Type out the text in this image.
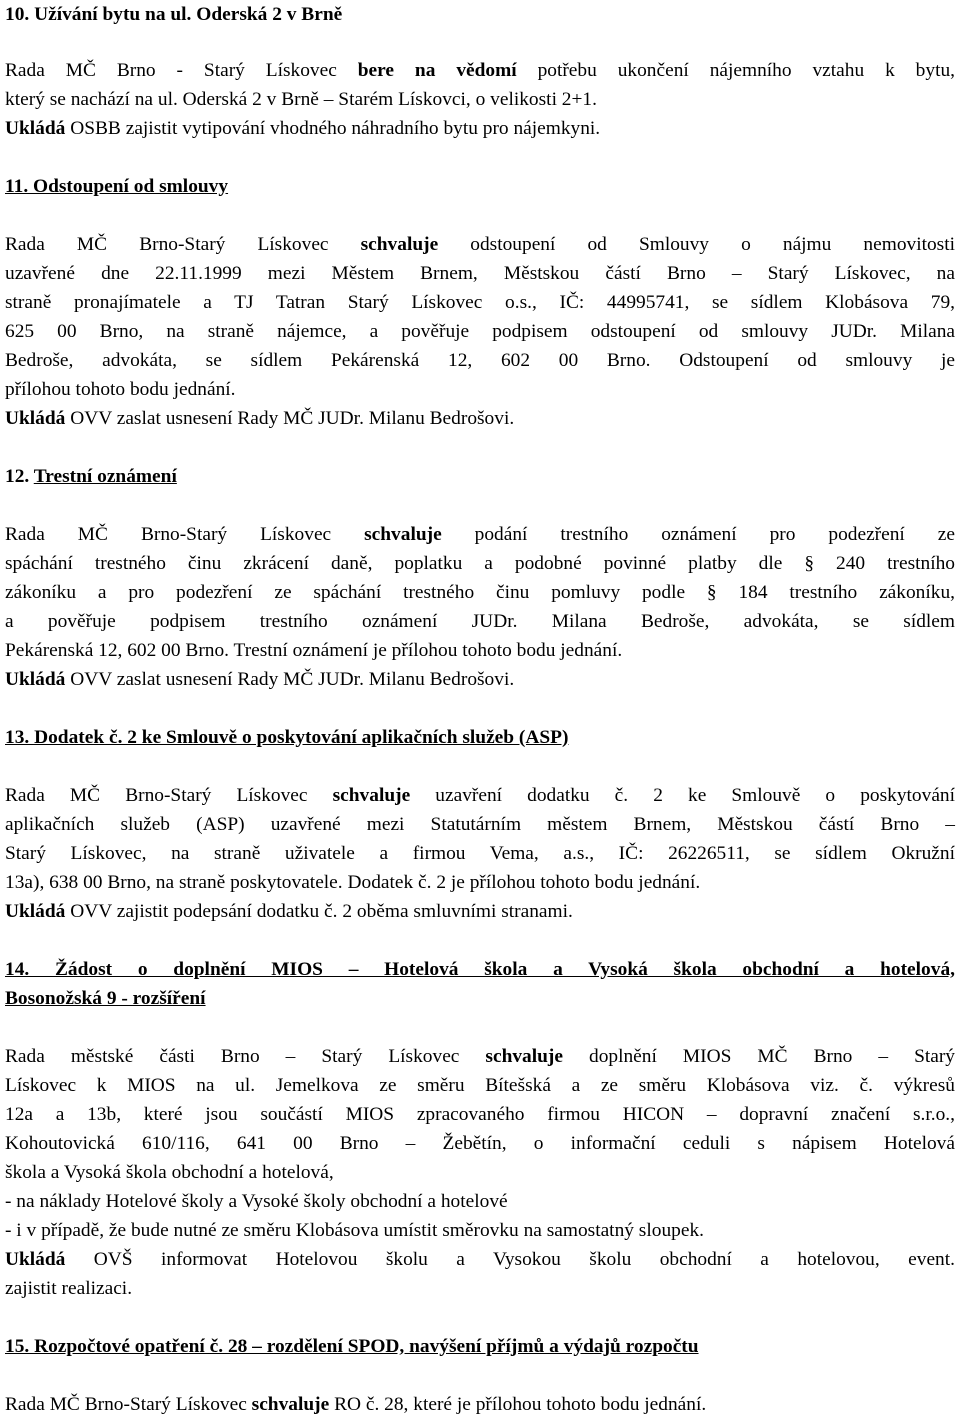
10. Užívání bytu na ul. Oderská 2 v Brně
Rada MČ Brno - Starý Lískovec bere na vědomí potřebu ukončení nájemního vztahu k bytu,
který se nachází na ul. Oderská 2 v Brně – Starém Lískovci, o velikosti 2+1.
Ukládá OSBB zajistit vytipování vhodného náhradního bytu pro nájemkyni.
11. Odstoupení od smlouvy
Rada MČ Brno-Starý Lískovec schvaluje odstoupení od Smlouvy o nájmu nemovitosti
uzavřené dne 22.11.1999 mezi Městem Brnem, Městskou částí Brno – Starý Lískovec, na
straně pronajímatele a TJ Tatran Starý Lískovec o.s., IČ: 44995741, se sídlem Klobásova 79,
625 00 Brno, na straně nájemce, a pověřuje podpisem odstoupení od smlouvy JUDr. Milana
Bedroše, advokáta, se sídlem Pekárenská 12, 602 00 Brno. Odstoupení od smlouvy je
přílohou tohoto bodu jednání.
Ukládá OVV zaslat usnesení Rady MČ JUDr. Milanu Bedrošovi.
12. Trestní oznámení
Rada MČ Brno-Starý Lískovec schvaluje podání trestního oznámení pro podezření ze
spáchání trestného činu zkrácení daně, poplatku a podobné povinné platby dle § 240 trestního
zákoníku a pro podezření ze spáchání trestného činu pomluvy podle § 184 trestního zákoníku,
a pověřuje podpisem trestního oznámení JUDr. Milana Bedroše, advokáta, se sídlem
Pekárenská 12, 602 00 Brno. Trestní oznámení je přílohou tohoto bodu jednání.
Ukládá OVV zaslat usnesení Rady MČ JUDr. Milanu Bedrošovi.
13. Dodatek č. 2 ke Smlouvě o poskytování aplikačních služeb (ASP)
Rada MČ Brno-Starý Lískovec schvaluje uzavření dodatku č. 2 ke Smlouvě o poskytování
aplikačních služeb (ASP) uzavřené mezi Statutárním městem Brnem, Městskou částí Brno –
Starý Lískovec, na straně uživatele a firmou Vema, a.s., IČ: 26226511, se sídlem Okružní
13a), 638 00 Brno, na straně poskytovatele. Dodatek č. 2 je přílohou tohoto bodu jednání.
Ukládá OVV zajistit podepsání dodatku č. 2 oběma smluvními stranami.
14. Žádost o doplnění MIOS – Hotelová škola a Vysoká škola obchodní a hotelová,
Bosonožská 9 - rozšíření
Rada městské části Brno – Starý Lískovec schvaluje doplnění MIOS MČ Brno – Starý
Lískovec k MIOS na ul. Jemelkova ze směru Bítešská a ze směru Klobásova viz. č. výkresů
12a a 13b, které jsou součástí MIOS zpracovaného firmou HICON – dopravní značení s.r.o.,
Kohoutovická 610/116, 641 00 Brno – Žebětín, o informační ceduli s nápisem Hotelová
škola a Vysoká škola obchodní a hotelová,
- na náklady Hotelové školy a Vysoké školy obchodní a hotelové
- i v případě, že bude nutné ze směru Klobásova umístit směrovku na samostatný sloupek.
Ukládá OVŠ informovat Hotelovou školu a Vysokou školu obchodní a hotelovou, event.
zajistit realizaci.
15. Rozpočtové opatření č. 28 – rozdělení SPOD, navýšení příjmů a výdajů rozpočtu
Rada MČ Brno-Starý Lískovec schvaluje RO č. 28, které je přílohou tohoto bodu jednání.
